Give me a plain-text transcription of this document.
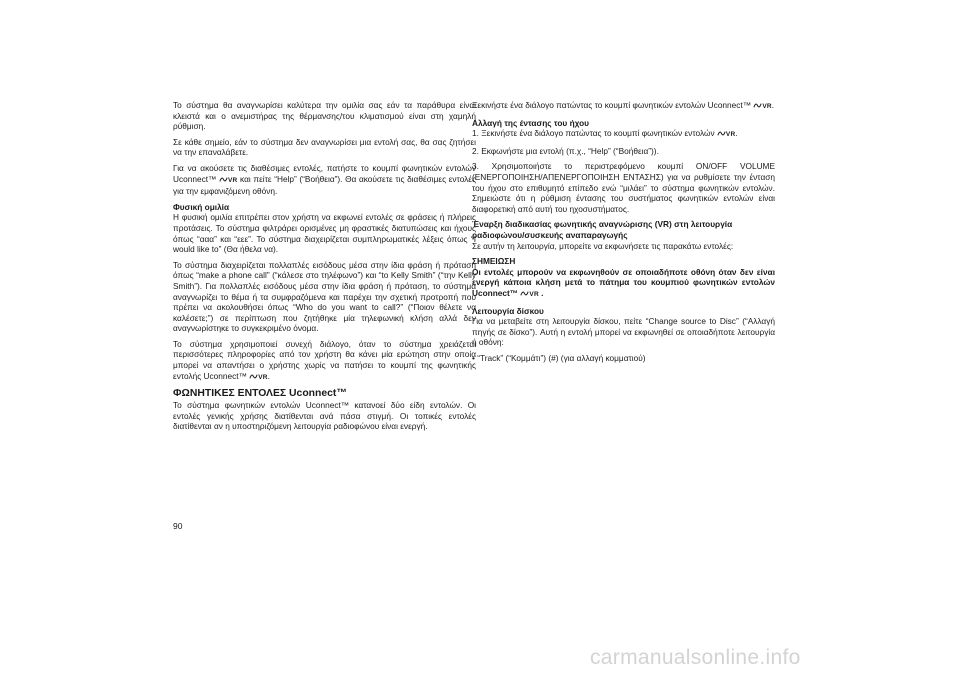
Το σύστημα θα αναγνωρίσει καλύτερα την ομιλία σας εάν τα παράθυρα είναι κλειστά και ο ανεμιστήρας της θέρμανσης/του κλιματισμού είναι στη χαμηλή ρύθμιση.

Σε κάθε σημείο, εάν το σύστημα δεν αναγνωρίσει μια εντολή σας, θα σας ζητήσει να την επαναλάβετε.

Για να ακούσετε τις διαθέσιμες εντολές, πατήστε το κουμπί φωνητικών εντολών Uconnect™ VR και πείτε “Help” (“Βοήθεια”). Θα ακούσετε τις διαθέσιμες εντολές για την εμφανιζόμενη οθόνη.

Φυσική ομιλία

Η φυσική ομιλία επιτρέπει στον χρήστη να εκφωνεί εντολές σε φράσεις ή πλήρεις προτάσεις. Το σύστημα φιλτράρει ορισμένες μη φραστικές διατυπώσεις και ήχους όπως “ααα” και “εεε”. Το σύστημα διαχειρίζεται συμπληρωματικές λέξεις όπως “I would like to” (Θα ήθελα να).

Το σύστημα διαχειρίζεται πολλαπλές εισόδους μέσα στην ίδια φράση ή πρόταση όπως “make a phone call” (“κάλεσε στο τηλέφωνο”) και “to Kelly Smith” (“την Kelly Smith”). Για πολλαπλές εισόδους μέσα στην ίδια φράση ή πρόταση, το σύστημα αναγνωρίζει το θέμα ή τα συμφραζόμενα και παρέχει την σχετική προτροπή που πρέπει να ακολουθήσει όπως “Who do you want to call?” (“Ποιον θέλετε να καλέσετε;”) σε περίπτωση που ζητήθηκε μία τηλεφωνική κλήση αλλά δεν αναγνωρίστηκε το συγκεκριμένο όνομα.

Το σύστημα χρησιμοποιεί συνεχή διάλογο, όταν το σύστημα χρειάζεται περισσότερες πληροφορίες από τον χρήστη θα κάνει μία ερώτηση στην οποία μπορεί να απαντήσει ο χρήστης χωρίς να πατήσει το κουμπί της φωνητικής εντολής Uconnect™ VR.

ΦΩΝΗΤΙΚΕΣ ΕΝΤΟΛΕΣ Uconnect™

Το σύστημα φωνητικών εντολών Uconnect™ κατανοεί δύο είδη εντολών. Οι εντολές γενικής χρήσης διατίθενται ανά πάσα στιγμή. Οι τοπικές εντολές διατίθενται αν η υποστηριζόμενη λειτουργία ραδιοφώνου είναι ενεργή.

Ξεκινήστε ένα διάλογο πατώντας το κουμπί φωνητικών εντολών Uconnect™ VR.

Αλλαγή της έντασης του ήχου

1. Ξεκινήστε ένα διάλογο πατώντας το κουμπί φωνητικών εντολών VR.

2. Εκφωνήστε μια εντολή (π.χ., “Help” (“Βοήθεια”)).

3. Χρησιμοποιήστε το περιστρεφόμενο κουμπί ON/OFF VOLUME (ΕΝΕΡΓΟΠΟΙΗΣΗ/ΑΠΕΝΕΡΓΟΠΟΙΗΣΗ ΕΝΤΑΣΗΣ) για να ρυθμίσετε την ένταση του ήχου στο επιθυμητό επίπεδο ενώ “μιλάει” το σύστημα φωνητικών εντολών. Σημειώστε ότι η ρύθμιση έντασης του συστήματος φωνητικών εντολών είναι διαφορετική από αυτή του ηχοσυστήματος.

Έναρξη διαδικασίας φωνητικής αναγνώρισης (VR) στη λειτουργία ραδιοφώνου/συσκευής αναπαραγωγής

Σε αυτήν τη λειτουργία, μπορείτε να εκφωνήσετε τις παρακάτω εντολές:

ΣΗΜΕΙΩΣΗ

Οι εντολές μπορούν να εκφωνηθούν σε οποιαδήποτε οθόνη όταν δεν είναι ενεργή κάποια κλήση μετά το πάτημα του κουμπιού φωνητικών εντολών Uconnect™ VR .

Λειτουργία δίσκου

Για να μεταβείτε στη λειτουργία δίσκου, πείτε “Change source to Disc” (“Αλλαγή πηγής σε δίσκο”). Αυτή η εντολή μπορεί να εκφωνηθεί σε οποιαδήποτε λειτουργία ή οθόνη:

• “Track” (“Κομμάτι”) (#) (για αλλαγή κομματιού)

90
carmanualsonline.info
